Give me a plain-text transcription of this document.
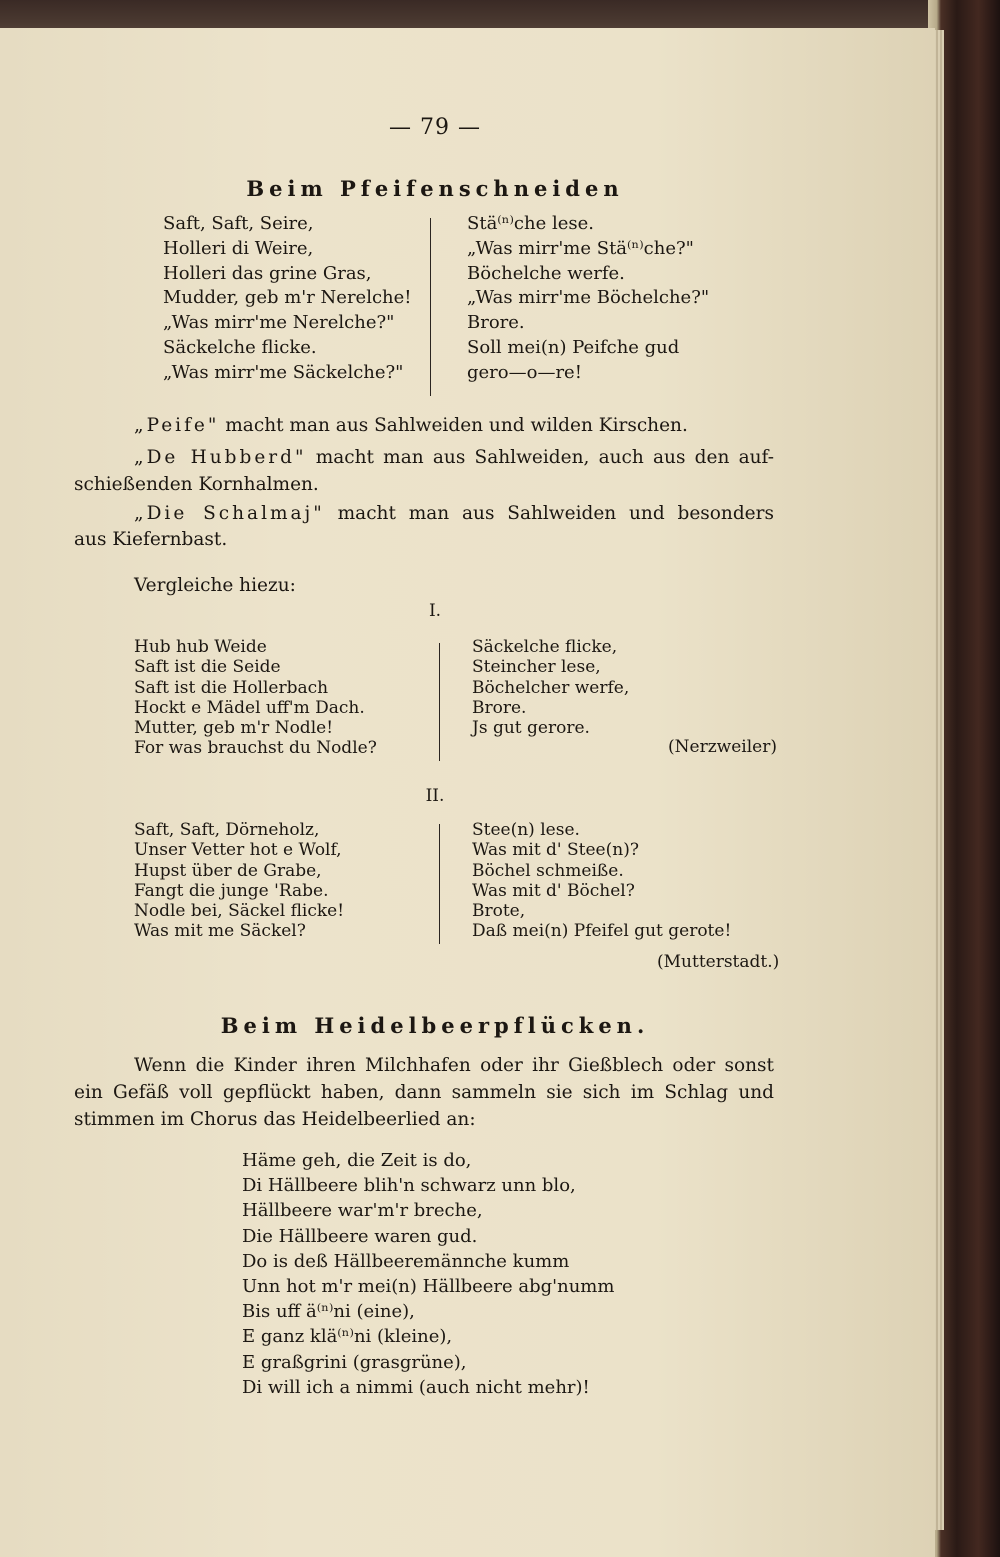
— 79 —
Beim Pfeifenschneiden
Saft, Saft, Seire,
Holleri di Weire,
Holleri das grine Gras,
Mudder, geb m'r Nerelche!
„Was mirr'me Nerelche?"
Säckelche flicke.
„Was mirr'me Säckelche?"
Stä⁽ⁿ⁾che lese.
„Was mirr'me Stä⁽ⁿ⁾che?"
Böchelche werfe.
„Was mirr'me Böchelche?"
Brore.
Soll mei(n) Peifche gud
gero—o—re!
„Peife" macht man aus Sahlweiden und wilden Kirschen.
„De Hubberd" macht man aus Sahlweiden, auch aus den auf-
schießenden Kornhalmen.
„Die Schalmaj" macht man aus Sahlweiden und besonders
aus Kiefernbast.
Vergleiche hiezu:
I.
Hub hub Weide
Saft ist die Seide
Saft ist die Hollerbach
Hockt e Mädel uff'm Dach.
Mutter, geb m'r Nodle!
For was brauchst du Nodle?
Säckelche flicke,
Steincher lese,
Böchelcher werfe,
Brore.
Js gut gerore.
(Nerzweiler)
II.
Saft, Saft, Dörneholz,
Unser Vetter hot e Wolf,
Hupst über de Grabe,
Fangt die junge 'Rabe.
Nodle bei, Säckel flicke!
Was mit me Säckel?
Stee(n) lese.
Was mit d' Stee(n)?
Böchel schmeiße.
Was mit d' Böchel?
Brote,
Daß mei(n) Pfeifel gut gerote!
(Mutterstadt.)
Beim Heidelbeerpflücken.
Wenn die Kinder ihren Milchhafen oder ihr Gießblech oder sonst
ein Gefäß voll gepflückt haben, dann sammeln sie sich im Schlag und
stimmen im Chorus das Heidelbeerlied an:
Häme geh, die Zeit is do,
Di Hällbeere blih'n schwarz unn blo,
Hällbeere war'm'r breche,
Die Hällbeere waren gud.
Do is deß Hällbeeremännche kumm
Unn hot m'r mei(n) Hällbeere abg'numm
Bis uff ä⁽ⁿ⁾ni (eine),
E ganz klä⁽ⁿ⁾ni (kleine),
E graßgrini (grasgrüne),
Di will ich a nimmi (auch nicht mehr)!
